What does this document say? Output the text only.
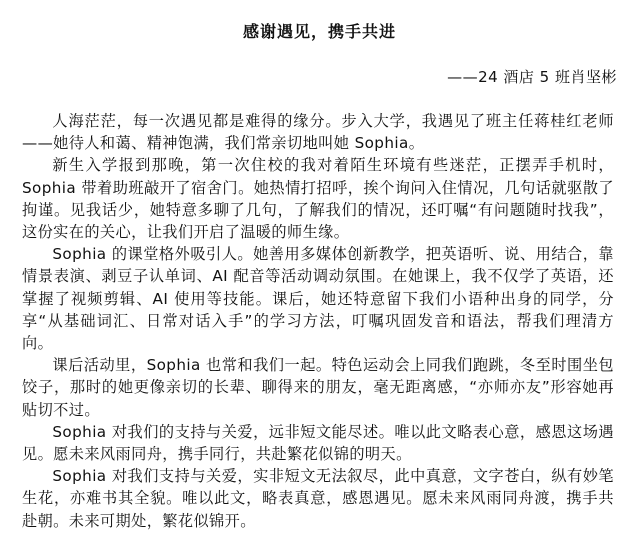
感谢遇见，携手共进
——24 酒店 5 班肖坚彬

人海茫茫，每一次遇见都是难得的缘分。步入大学，我遇见了班主任蒋桂红老师——她待人和蔼、精神饱满，我们常亲切地叫她 Sophia。

新生入学报到那晚，第一次住校的我对着陌生环境有些迷茫，正摆弄手机时，Sophia 带着助班敲开了宿舍门。她热情打招呼，挨个询问入住情况，几句话就驱散了拘谨。见我话少，她特意多聊了几句，了解我们的情况，还叮嘱“有问题随时找我”，这份实在的关心，让我们开启了温暖的师生缘。

Sophia 的课堂格外吸引人。她善用多媒体创新教学，把英语听、说、用结合，靠情景表演、剥豆子认单词、AI 配音等活动调动氛围。在她课上，我不仅学了英语，还掌握了视频剪辑、AI 使用等技能。课后，她还特意留下我们小语种出身的同学，分享“从基础词汇、日常对话入手”的学习方法，叮嘱巩固发音和语法，帮我们理清方向。

课后活动里，Sophia 也常和我们一起。特色运动会上同我们跑跳，冬至时围坐包饺子，那时的她更像亲切的长辈、聊得来的朋友，毫无距离感，“亦师亦友”形容她再贴切不过。

Sophia 对我们的支持与关爱，远非短文能尽述。唯以此文略表心意，感恩这场遇见。愿未来风雨同舟，携手同行，共赴繁花似锦的明天。

Sophia 对我们支持与关爱，实非短文无法叙尽，此中真意，文字苍白，纵有妙笔生花，亦难书其全貌。唯以此文，略表真意，感恩遇见。愿未来风雨同舟渡，携手共赴朝。未来可期处，繁花似锦开。
